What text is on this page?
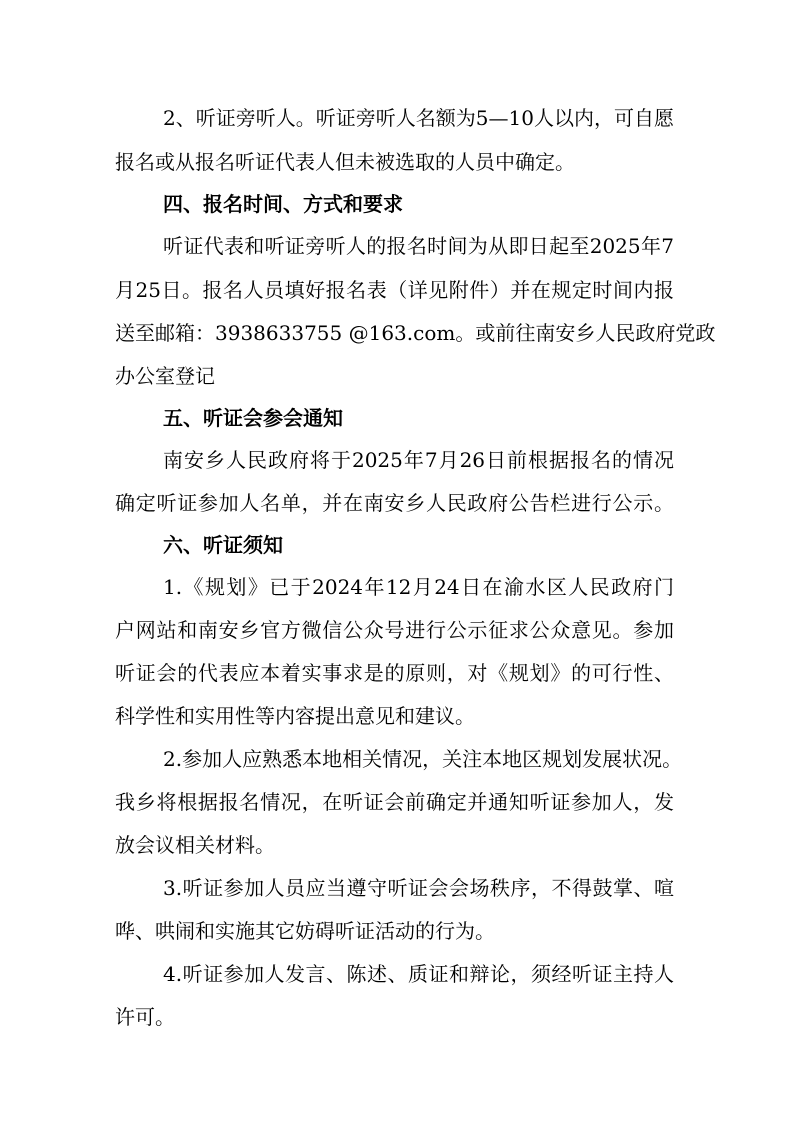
2、听证旁听人。听证旁听人名额为5—10人以内，可自愿
报名或从报名听证代表人但未被选取的人员中确定。
四、报名时间、方式和要求
听证代表和听证旁听人的报名时间为从即日起至2025年7
月25日。报名人员填好报名表（详见附件）并在规定时间内报
送至邮箱：3938633755 @163.com。或前往南安乡人民政府党政
办公室登记
五、听证会参会通知
南安乡人民政府将于2025年7月26日前根据报名的情况
确定听证参加人名单，并在南安乡人民政府公告栏进行公示。
六、听证须知
1.《规划》已于2024年12月24日在渝水区人民政府门
户网站和南安乡官方微信公众号进行公示征求公众意见。参加
听证会的代表应本着实事求是的原则，对《规划》的可行性、
科学性和实用性等内容提出意见和建议。
2.参加人应熟悉本地相关情况，关注本地区规划发展状况。
我乡将根据报名情况，在听证会前确定并通知听证参加人，发
放会议相关材料。
3.听证参加人员应当遵守听证会会场秩序，不得鼓掌、喧
哗、哄闹和实施其它妨碍听证活动的行为。
4.听证参加人发言、陈述、质证和辩论，须经听证主持人
许可。
